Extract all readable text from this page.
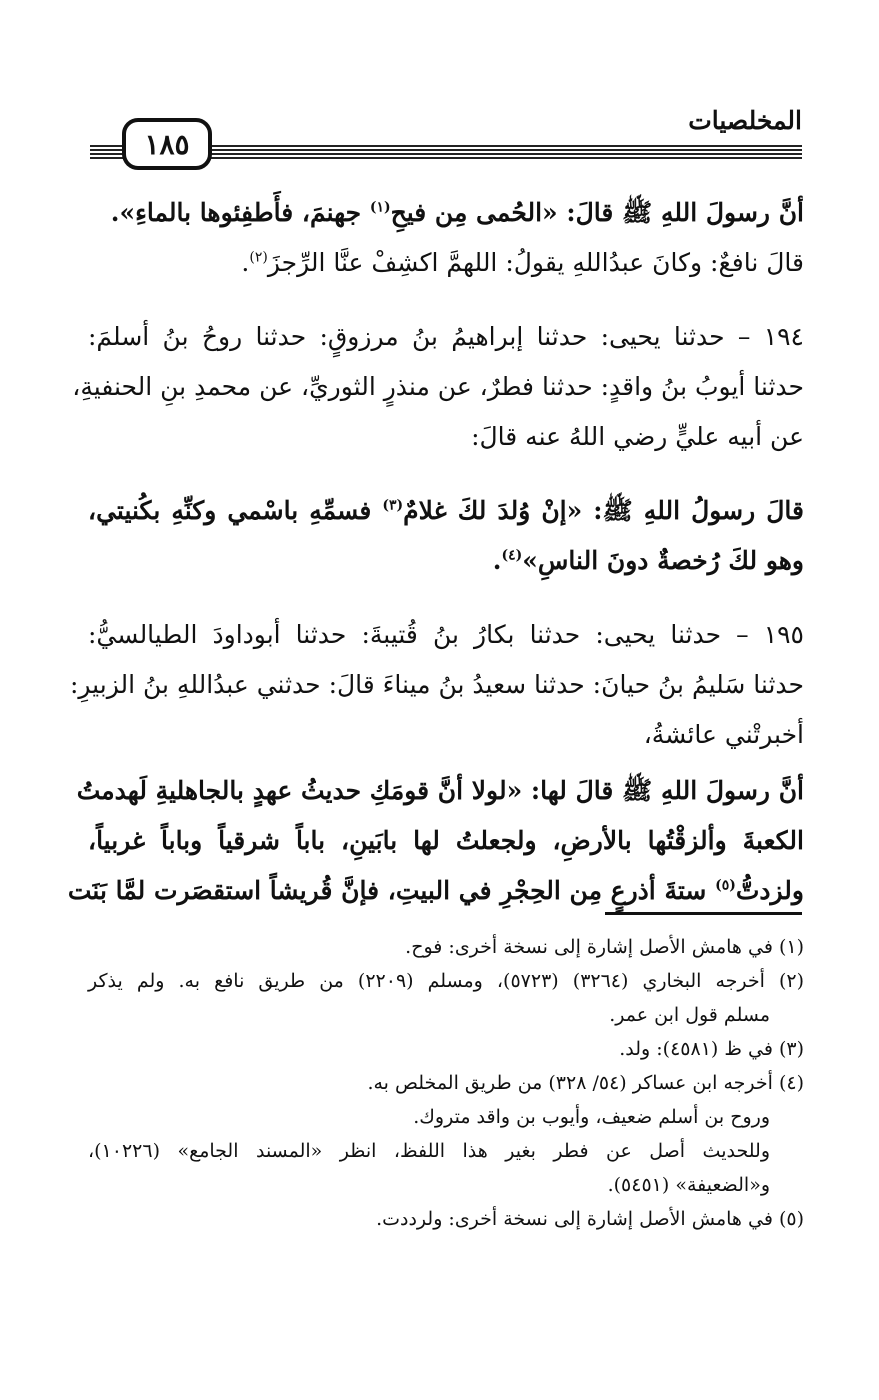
المخلصيات
١٨٥

أنَّ رسولَ اللهِ ﷺ قالَ: «الحُمى مِن فيحِ$^{(١)}$ جهنمَ، فأَطفِئوها بالماءِ».

قالَ نافعٌ: وكانَ عبدُاللهِ يقولُ: اللهمَّ اكشِفْ عنَّا الرِّجزَ$^{(٢)}$.

١٩٤ – حدثنا يحيى: حدثنا إبراهيمُ بنُ مرزوقٍ: حدثنا روحُ بنُ أسلمَ:
حدثنا أيوبُ بنُ واقدٍ: حدثنا فطرٌ، عن منذرٍ الثوريِّ، عن محمدِ بنِ الحنفيةِ،
عن أبيه عليٍّ رضي اللهُ عنه قالَ:

قالَ رسولُ اللهِ ﷺ: «إنْ وُلدَ لكَ غلامٌ$^{(٣)}$ فسمِّهِ باسْمي وكنِّهِ بكُنيتي،
وهو لكَ رُخصةٌ دونَ الناسِ»$^{(٤)}$.

١٩٥ – حدثنا يحيى: حدثنا بكارُ بنُ قُتيبةَ: حدثنا أبوداودَ الطيالسيُّ:
حدثنا سَليمُ بنُ حيانَ: حدثنا سعيدُ بنُ ميناءَ قالَ: حدثني عبدُاللهِ بنُ الزبيرِ:
أخبرتْني عائشةُ،

أنَّ رسولَ اللهِ ﷺ قالَ لها: «لولا أنَّ قومَكِ حديثُ عهدٍ بالجاهليةِ لَهدمتُ
الكعبةَ وألزقْتُها بالأرضِ، ولجعلتُ لها بابَينِ، باباً شرقياً وباباً غربياً،
ولزدتُّ$^{(٥)}$ ستةَ أذرعٍ مِن الحِجْرِ في البيتِ، فإنَّ قُريشاً استقصَرت لمَّا بَنَت

(١) في هامش الأصل إشارة إلى نسخة أخرى: فوح.
(٢) أخرجه البخاري (٣٢٦٤) (٥٧٢٣)، ومسلم (٢٢٠٩) من طريق نافع به. ولم يذكر
مسلم قول ابن عمر.
(٣) في ظ (٤٥٨١): ولد.
(٤) أخرجه ابن عساكر (٥٤/ ٣٢٨) من طريق المخلص به.
وروح بن أسلم ضعيف، وأيوب بن واقد متروك.
وللحديث أصل عن فطر بغير هذا اللفظ، انظر «المسند الجامع» (١٠٢٢٦)،
و«الضعيفة» (٥٤٥١).
(٥) في هامش الأصل إشارة إلى نسخة أخرى: ولرددت.
